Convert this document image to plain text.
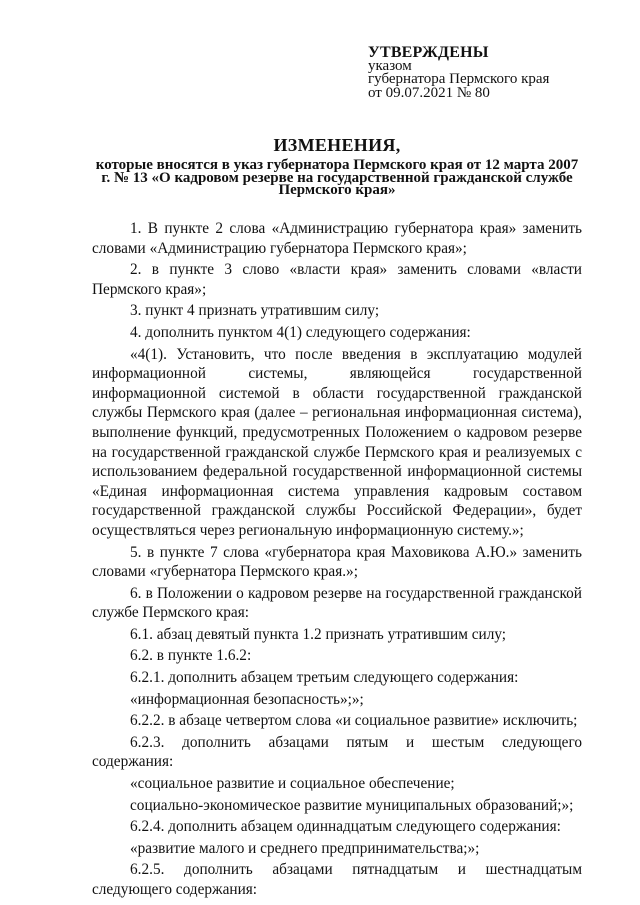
УТВЕРЖДЕНЫ
указом
губернатора Пермского края
от 09.07.2021 № 80
ИЗМЕНЕНИЯ,
которые вносятся в указ губернатора Пермского края от 12 марта 2007 г. № 13 «О кадровом резерве на государственной гражданской службе Пермского края»

1. В пункте 2 слова «Администрацию губернатора края» заменить словами «Администрацию губернатора Пермского края»;

2. в пункте 3 слово «власти края» заменить словами «власти Пермского края»;

3. пункт 4 признать утратившим силу;

4. дополнить пунктом 4(1) следующего содержания:

«4(1). Установить, что после введения в эксплуатацию модулей информационной системы, являющейся государственной информационной системой в области государственной гражданской службы Пермского края (далее – региональная информационная система), выполнение функций, предусмотренных Положением о кадровом резерве на государственной гражданской службе Пермского края и реализуемых с использованием федеральной государственной информационной системы «Единая информационная система управления кадровым составом государственной гражданской службы Российской Федерации», будет осуществляться через региональную информационную систему.»;

5. в пункте 7 слова «губернатора края Маховикова А.Ю.» заменить словами «губернатора Пермского края.»;

6. в Положении о кадровом резерве на государственной гражданской службе Пермского края:

6.1. абзац девятый пункта 1.2 признать утратившим силу;

6.2. в пункте 1.6.2:

6.2.1. дополнить абзацем третьим следующего содержания:

«информационная безопасность»;»;

6.2.2. в абзаце четвертом слова «и социальное развитие» исключить;

6.2.3. дополнить абзацами пятым и шестым следующего содержания:

«социальное развитие и социальное обеспечение;

социально-экономическое развитие муниципальных образований;»;

6.2.4. дополнить абзацем одиннадцатым следующего содержания:

«развитие малого и среднего предпринимательства;»;

6.2.5. дополнить абзацами пятнадцатым и шестнадцатым следующего содержания:
